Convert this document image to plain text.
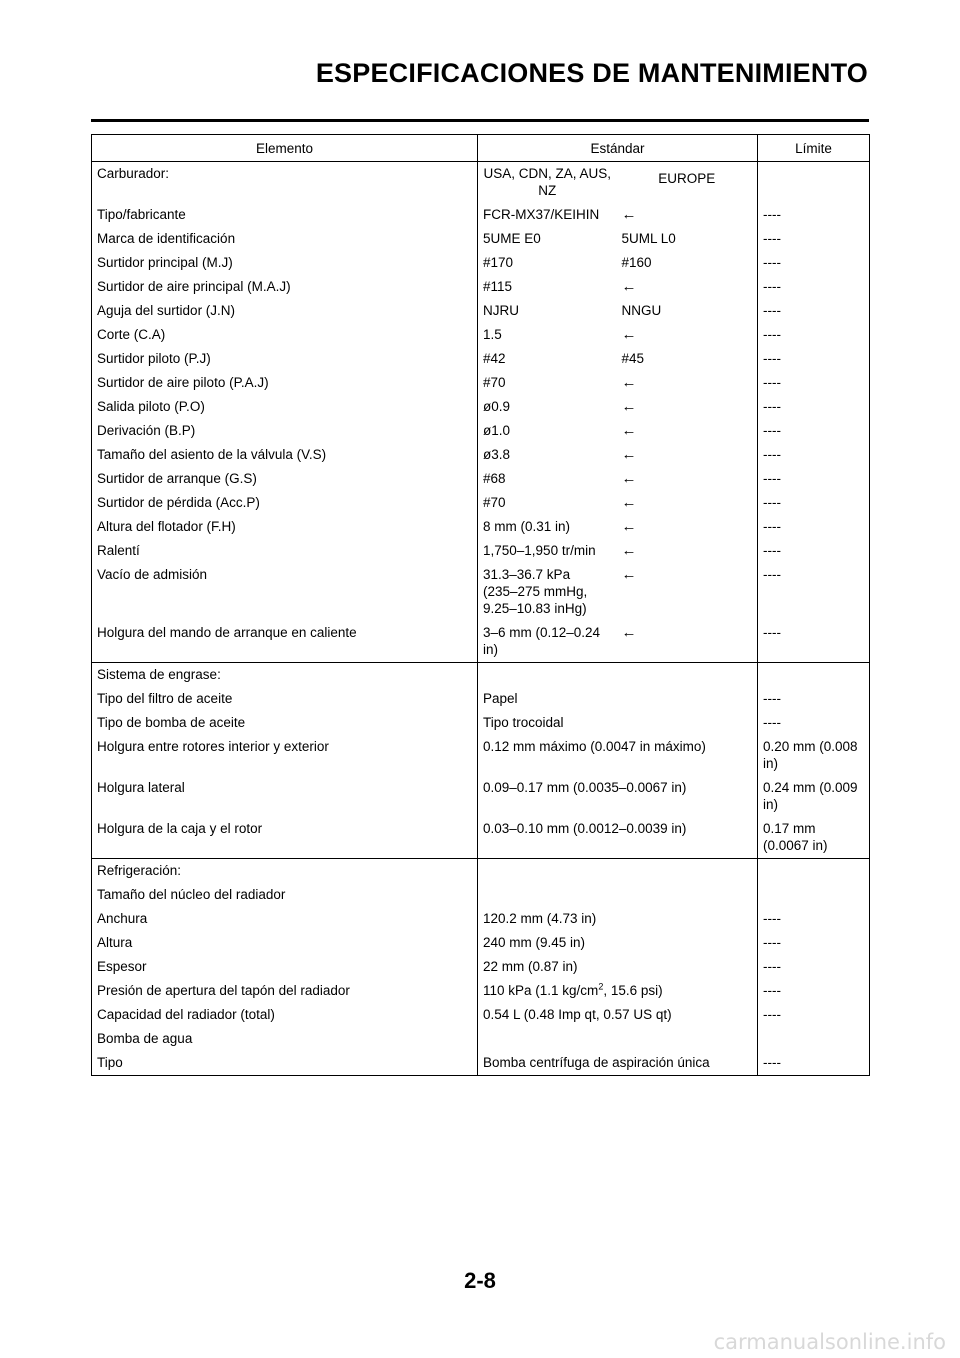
ESPECIFICACIONES DE MANTENIMIENTO
Elemento	Estándar		Límite
Carburador:	USA, CDN, ZA, AUS, NZ	EUROPE	
Tipo/fabricante	FCR-MX37/KEIHIN	←	----
Marca de identificación	5UME E0	5UML L0	----
Surtidor principal (M.J)	#170	#160	----
Surtidor de aire principal (M.A.J)	#115	←	----
Aguja del surtidor (J.N)	NJRU	NNGU	----
Corte (C.A)	1.5	←	----
Surtidor piloto (P.J)	#42	#45	----
Surtidor de aire piloto (P.A.J)	#70	←	----
Salida piloto (P.O)	ø0.9	←	----
Derivación (B.P)	ø1.0	←	----
Tamaño del asiento de la válvula (V.S)	ø3.8	←	----
Surtidor de arranque (G.S)	#68	←	----
Surtidor de pérdida (Acc.P)	#70	←	----
Altura del flotador (F.H)	8 mm (0.31 in)	←	----
Ralentí	1,750–1,950 tr/min	←	----
Vacío de admisión	31.3–36.7 kPa
(235–275 mmHg,
9.25–10.83 inHg)	←	----
Holgura del mando de arranque en caliente	3–6 mm (0.12–0.24
in)	←	----
Sistema de engrase:			
Tipo del filtro de aceite	Papel		----
Tipo de bomba de aceite	Tipo trocoidal		----
Holgura entre rotores interior y exterior	0.12 mm máximo (0.0047 in máximo)		0.20 mm (0.008
in)
Holgura lateral	0.09–0.17 mm (0.0035–0.0067 in)		0.24 mm (0.009
in)
Holgura de la caja y el rotor	0.03–0.10 mm (0.0012–0.0039 in)		0.17 mm
(0.0067 in)
Refrigeración:			
Tamaño del núcleo del radiador			
Anchura	120.2 mm (4.73 in)		----
Altura	240 mm (9.45 in)		----
Espesor	22 mm (0.87 in)		----
Presión de apertura del tapón del radiador	110 kPa (1.1 $kg/cm^2$, 15.6 psi)		----
Capacidad del radiador (total)	0.54 L (0.48 Imp qt, 0.57 US qt)		----
Bomba de agua			
Tipo	Bomba centrífuga de aspiración única		----

2-8

carmanualsonline.info
